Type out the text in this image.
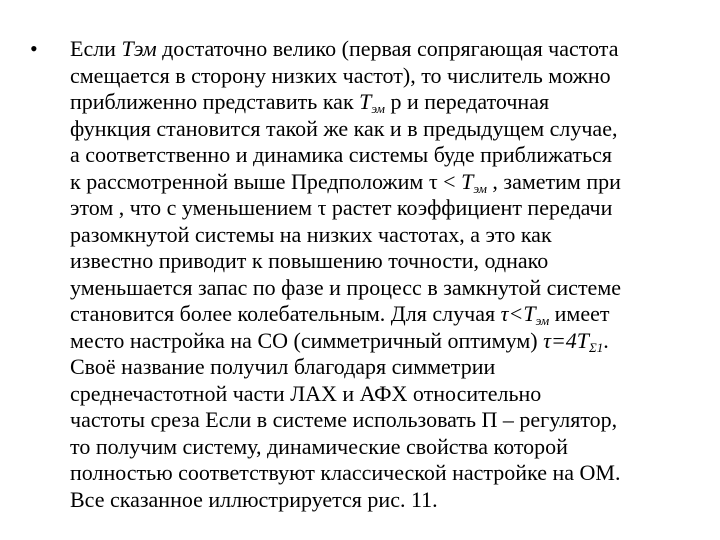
• Если Тэм достаточно велико (первая сопрягающая частота
смещается в сторону низких частот), то числитель можно
приближенно представить как $Т_{эм}$ р и передаточная
функция становится такой же как и в предыдущем случае,
а соответственно и динамика системы буде приближаться
к рассмотренной выше Предположим $\tau < Т_{эм}$ , заметим при
этом , что с уменьшением τ растет коэффициент передачи
разомкнутой системы на низких частотах, а это как
известно приводит к повышению точности, однако
уменьшается запас по фазе и процесс в замкнутой системе
становится более колебательным. Для случая $\tau<Т_{эм}$ имеет
место настройка на СО (симметричный оптимум) $\tau=4Т_{\Sigma 1}$.
Своё название получил благодаря симметрии
среднечастотной части ЛАХ и АФХ относительно
частоты среза Если в системе использовать П – регулятор,
то получим систему, динамические свойства которой
полностью соответствуют классической настройке на ОМ.
Все сказанное иллюстрируется рис. 11.
